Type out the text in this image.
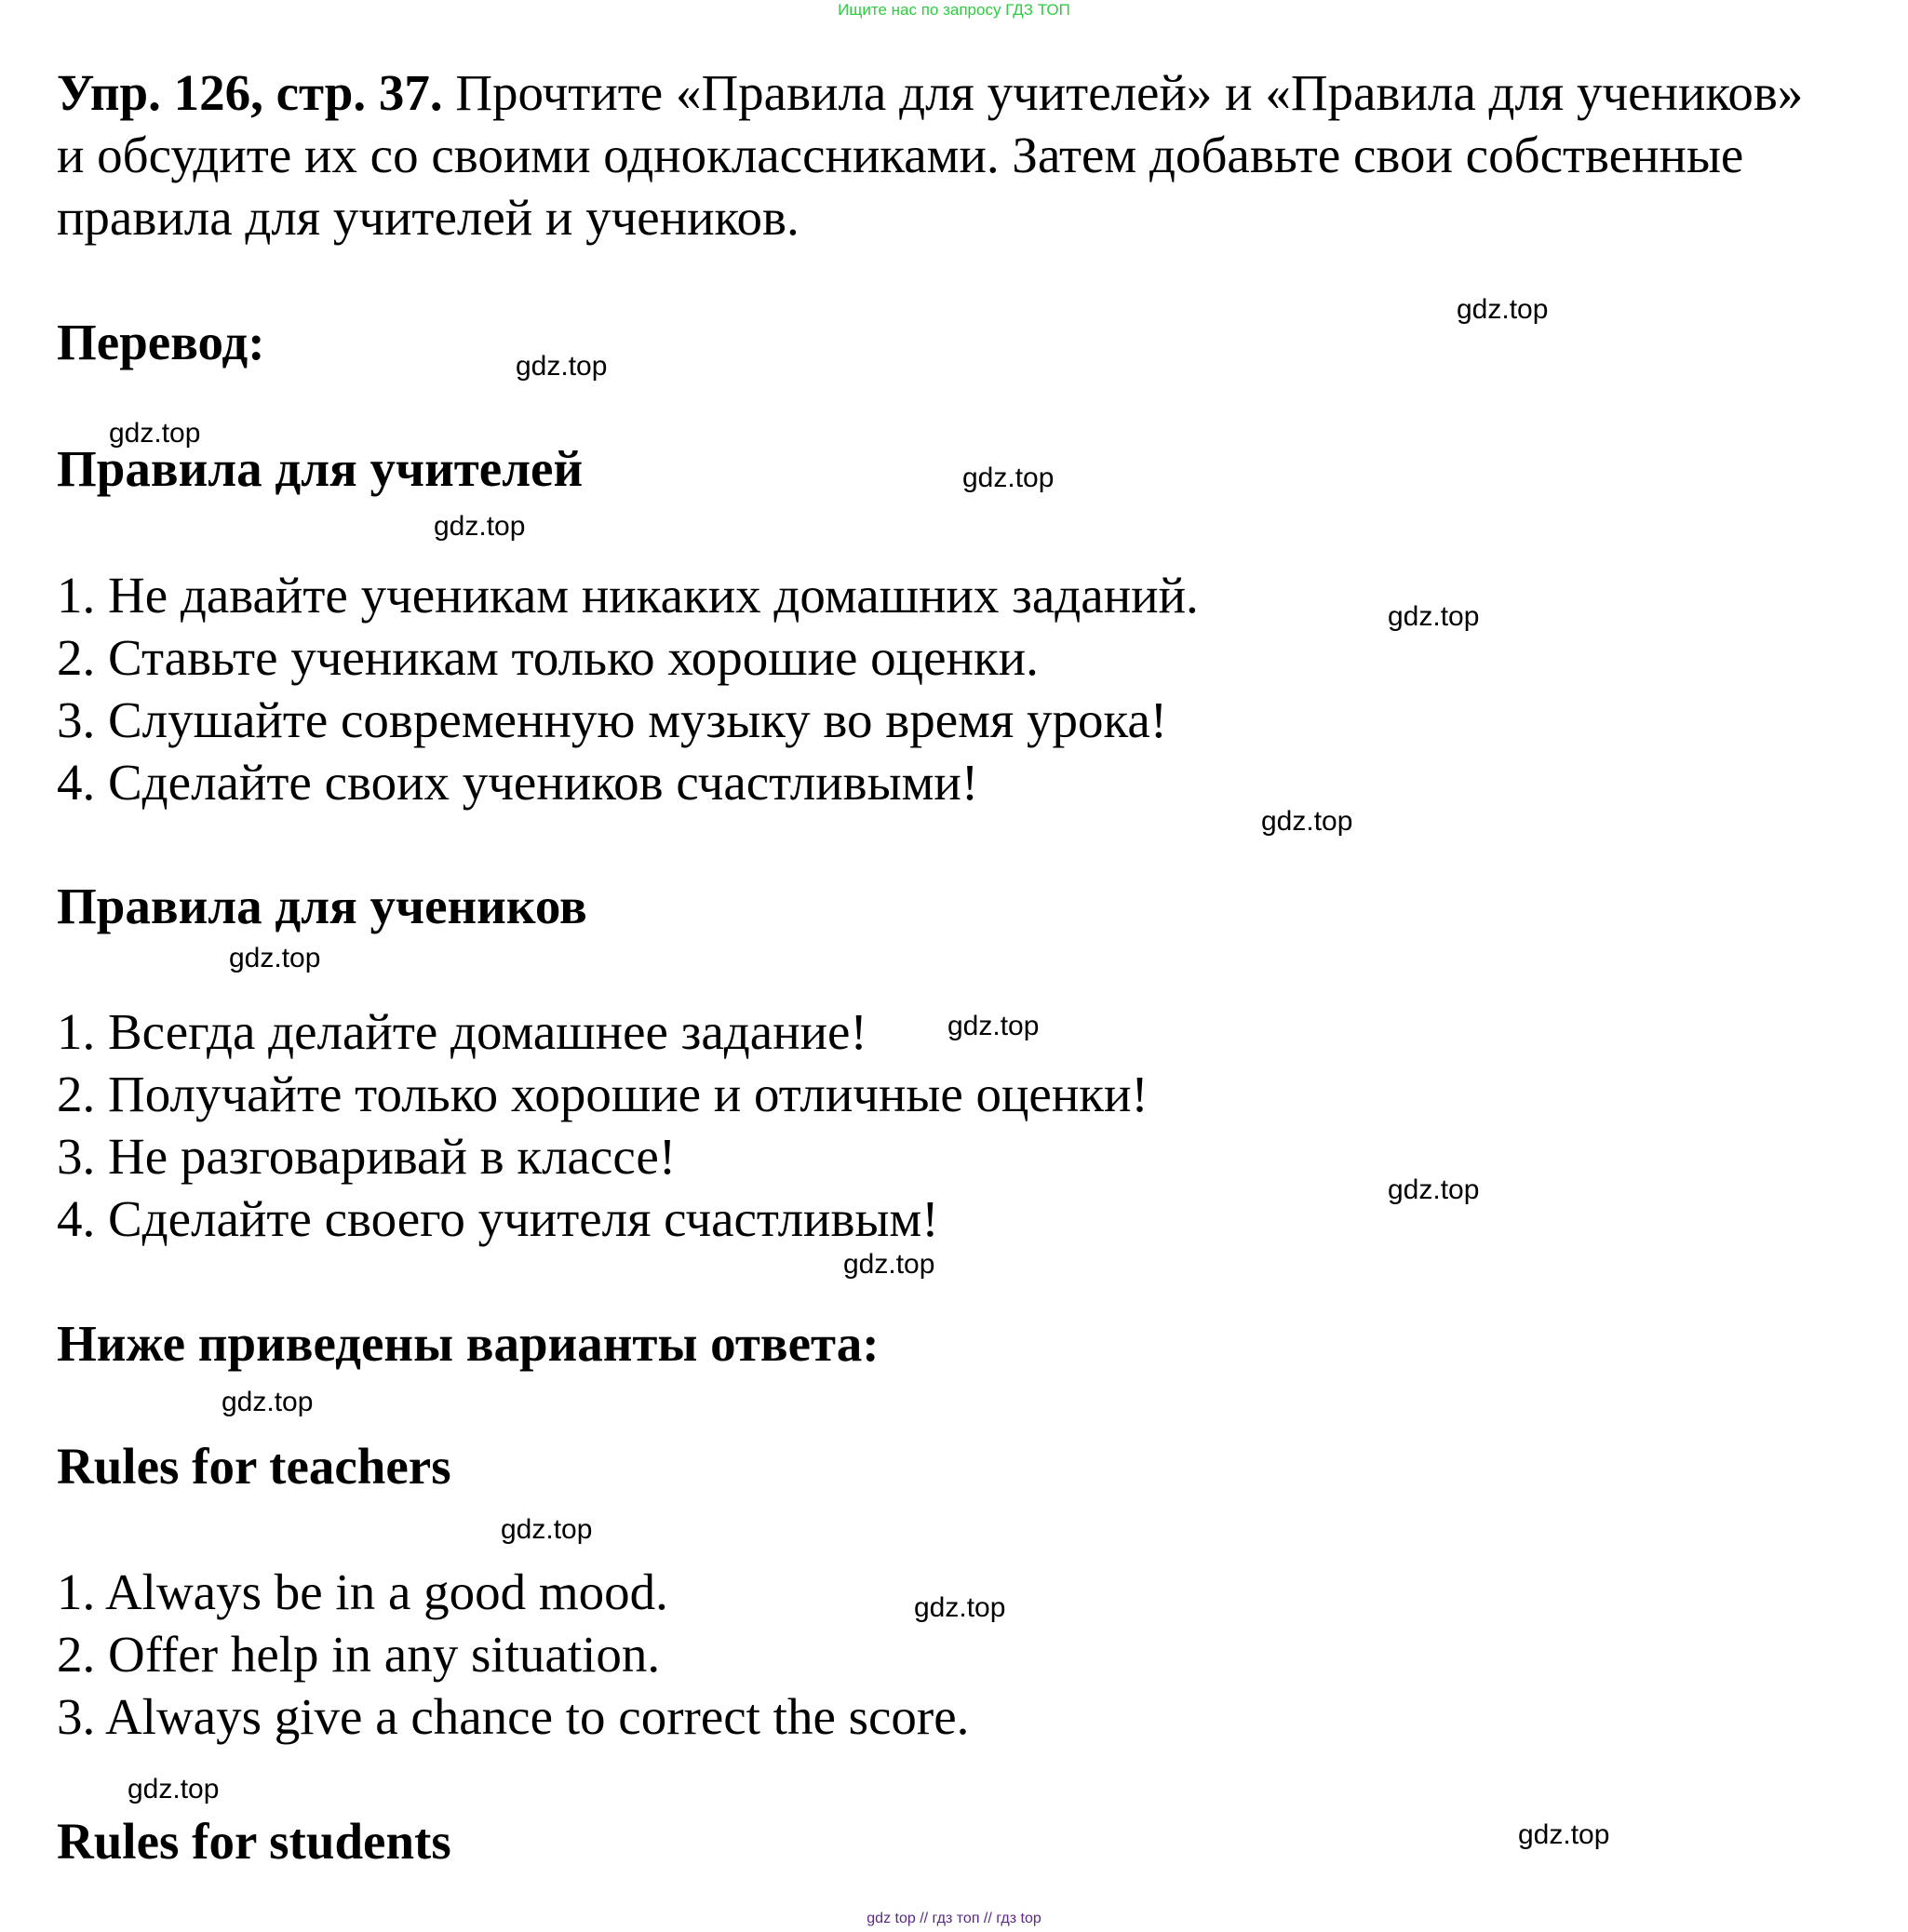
Ищите нас по запросу ГДЗ ТОП

Упр. 126, стр. 37. Прочтите «Правила для учителей» и «Правила для учеников» и обсудите их со своими одноклассниками. Затем добавьте свои собственные правила для учителей и учеников.

Перевод:

Правила для учителей

1. Не давайте ученикам никаких домашних заданий.

2. Ставьте ученикам только хорошие оценки.

3. Слушайте современную музыку во время урока!

4. Сделайте своих учеников счастливыми!

Правила для учеников

1. Всегда делайте домашнее задание!

2. Получайте только хорошие и отличные оценки!

3. Не разговаривай в классе!

4. Сделайте своего учителя счастливым!

Ниже приведены варианты ответа:

Rules for teachers

1. Always be in a good mood.

2. Offer help in any situation.

3. Always give a chance to correct the score.

Rules for students

gdz.top
gdz.top
gdz.top
gdz.top
gdz.top
gdz.top
gdz.top
gdz.top
gdz.top
gdz.top
gdz.top
gdz.top
gdz.top
gdz.top
gdz.top
gdz.top
gdz top // гдз топ // гдз top
